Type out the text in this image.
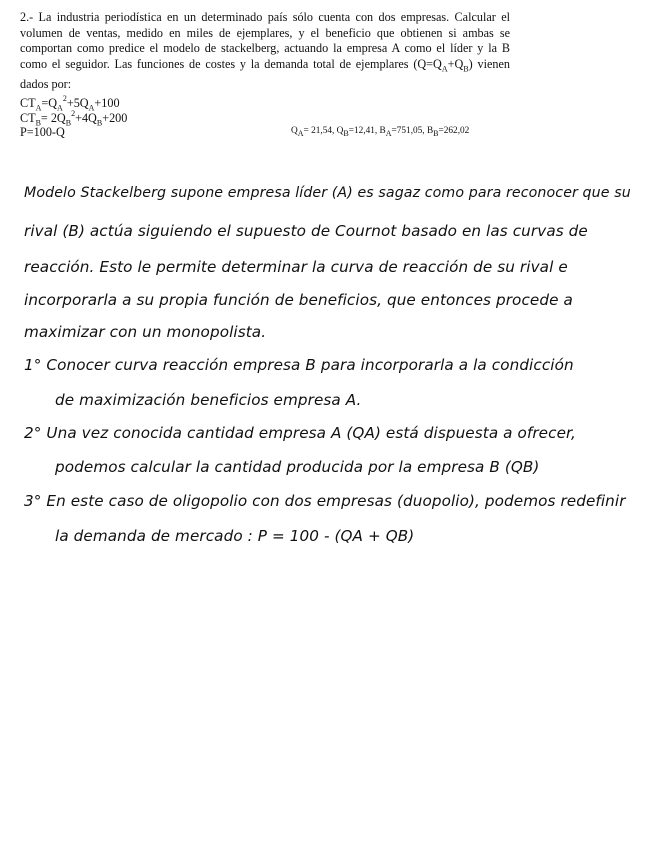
2.- La industria periodística en un determinado país sólo cuenta con dos empresas. Calcular el volumen de ventas, medido en miles de ejemplares, y el beneficio que obtienen si ambas se comportan como predice el modelo de stackelberg, actuando la empresa A como el líder y la B como el seguidor. Las funciones de costes y la demanda total de ejemplares $(Q=Q_A+Q_B)$ vienen dados por:

$CT_A=Q_A^2+5Q_A+100$
$CT_B= 2Q_B^2+4Q_B+200$
P=100-Q	$Q_A= 21,54$, $Q_B=12,41$, $B_A=751,05$, $B_B=262,02$
Modelo Stackelberg supone empresa líder (A) es sagaz como para reconocer que su
rival (B) actúa siguiendo el supuesto de Cournot basado en las curvas de
reacción. Esto le permite determinar la curva de reacción de su rival e
incorporarla a su propia función de beneficios, que entonces procede a
maximizar con un monopolista.
1° Conocer curva reacción empresa B para incorporarla a la condicción
de maximización beneficios empresa A.
2° Una vez conocida cantidad empresa A (QA) está dispuesta a ofrecer,
podemos calcular la cantidad producida por la empresa B (QB)
3° En este caso de oligopolio con dos empresas (duopolio), podemos redefinir
la demanda de mercado : P = 100 - (QA + QB)
